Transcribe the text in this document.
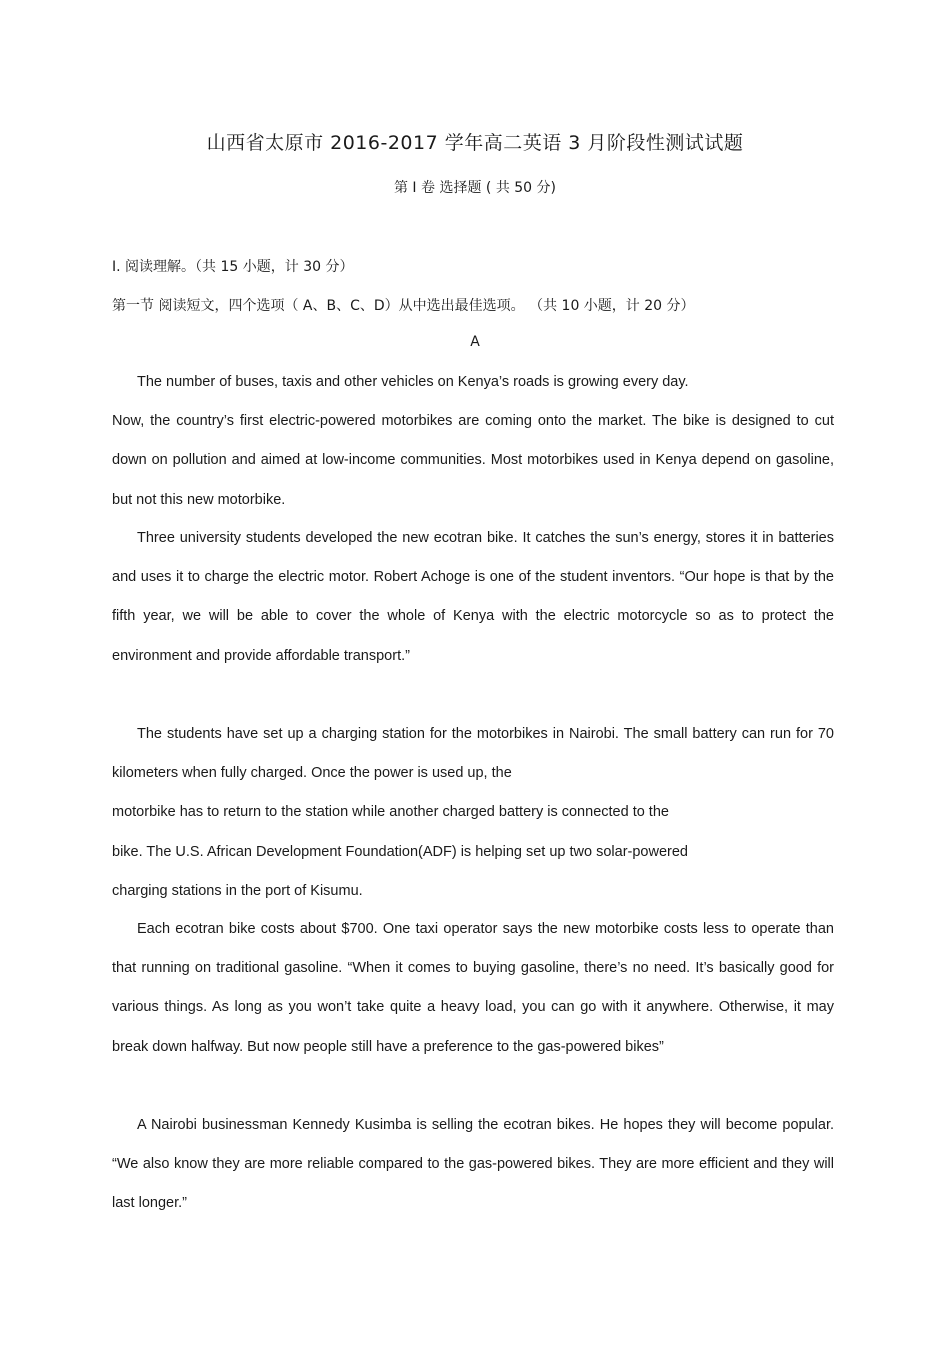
山西省太原市 2016-2017 学年高二英语 3 月阶段性测试试题
第 I 卷 选择题 ( 共 50 分)
I. 阅读理解。（共 15 小题，计 30 分）
第一节 阅读短文，四个选项（ A、B、C、D）从中选出最佳选项。 （共 10 小题，计 20 分）
A
The number of buses, taxis and other vehicles on Kenya’s roads is growing every day.
Now, the country’s first electric-powered motorbikes are coming onto the market. The bike is designed to cut down on pollution and aimed at low-income communities. Most motorbikes used in Kenya depend on gasoline, but not this new motorbike.
Three university students developed the new ecotran bike. It catches the sun’s energy, stores it in batteries and uses it to charge the electric motor. Robert Achoge is one of the student inventors. “Our hope is that by the fifth year, we will be able to cover the whole of Kenya with the electric motorcycle so as to protect the environment and provide affordable transport.”
The students have set up a charging station for the motorbikes in Nairobi. The small battery can run for 70 kilometers when fully charged. Once the power is used up, the
motorbike has to return to the station while another charged battery is connected to the
bike. The U.S. African Development Foundation(ADF) is helping set up two solar-powered
charging stations in the port of Kisumu.
Each ecotran bike costs about $700. One taxi operator says the new motorbike costs less to operate than that running on traditional gasoline. “When it comes to buying gasoline, there’s no need. It’s basically good for various things. As long as you won’t take quite a heavy load, you can go with it anywhere. Otherwise, it may break down halfway. But now people still have a preference to the gas-powered bikes”
A Nairobi businessman Kennedy Kusimba is selling the ecotran bikes. He hopes they will become popular. “We also know they are more reliable compared to the gas-powered bikes. They are more efficient and they will last longer.”
